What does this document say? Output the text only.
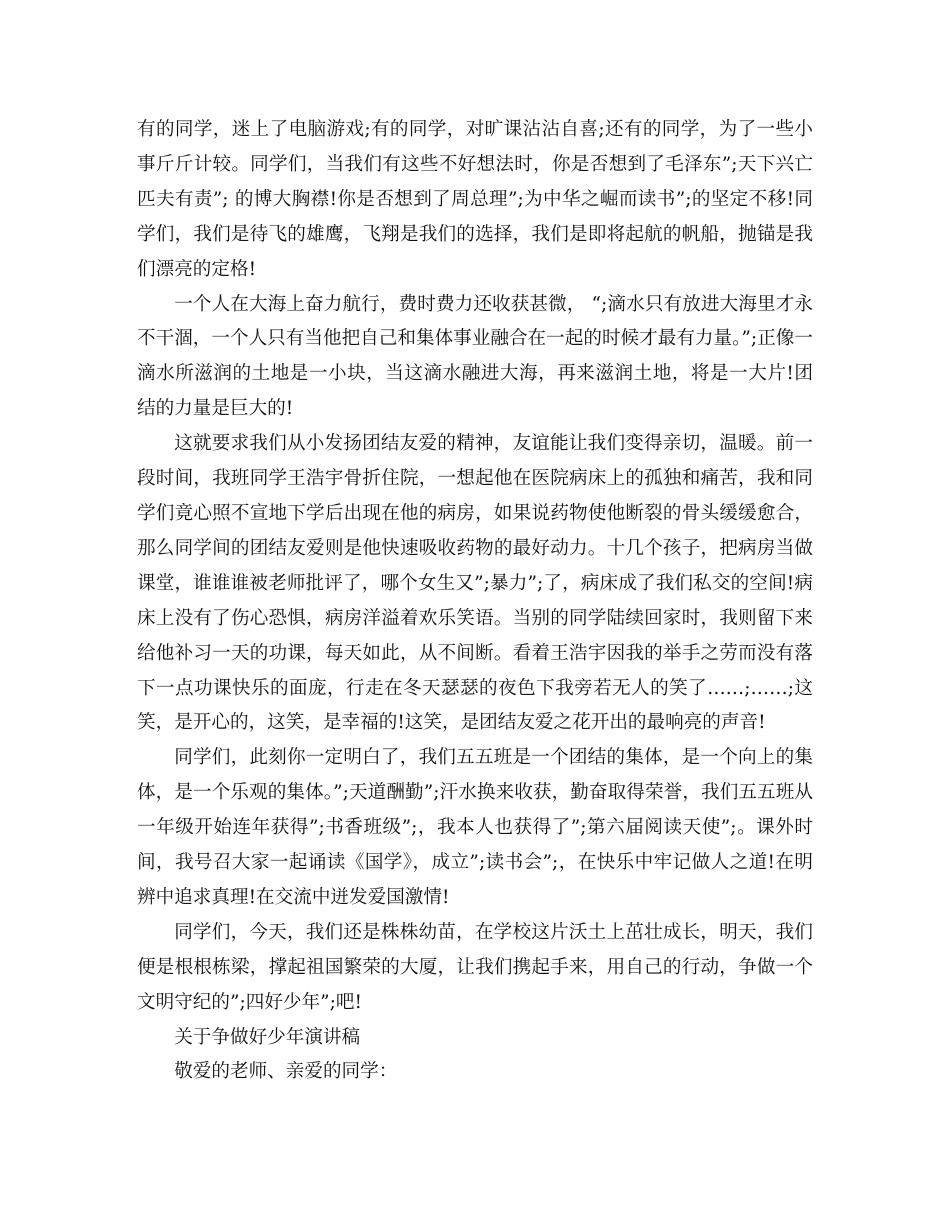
有的同学，迷上了电脑游戏;有的同学，对旷课沾沾自喜;还有的同学，为了一些小事斤斤计较。同学们，当我们有这些不好想法时，你是否想到了毛泽东”;天下兴亡匹夫有责”; 的博大胸襟!你是否想到了周总理”;为中华之崛而读书”;的坚定不移!同学们，我们是待飞的雄鹰，飞翔是我们的选择，我们是即将起航的帆船，抛锚是我们漂亮的定格!

一个人在大海上奋力航行，费时费力还收获甚微， “;滴水只有放进大海里才永不干涸，一个人只有当他把自己和集体事业融合在一起的时候才最有力量。”;正像一滴水所滋润的土地是一小块，当这滴水融进大海，再来滋润土地，将是一大片!团结的力量是巨大的!

这就要求我们从小发扬团结友爱的精神，友谊能让我们变得亲切，温暖。前一段时间，我班同学王浩宇骨折住院，一想起他在医院病床上的孤独和痛苦，我和同学们竟心照不宣地下学后出现在他的病房，如果说药物使他断裂的骨头缓缓愈合，那么同学间的团结友爱则是他快速吸收药物的最好动力。十几个孩子，把病房当做课堂，谁谁谁被老师批评了，哪个女生又”;暴力”;了，病床成了我们私交的空间!病床上没有了伤心恐惧，病房洋溢着欢乐笑语。当别的同学陆续回家时，我则留下来给他补习一天的功课，每天如此，从不间断。看着王浩宇因我的举手之劳而没有落下一点功课快乐的面庞，行走在冬天瑟瑟的夜色下我旁若无人的笑了……;……;这笑，是开心的，这笑，是幸福的!这笑，是团结友爱之花开出的最响亮的声音!

同学们，此刻你一定明白了，我们五五班是一个团结的集体，是一个向上的集体，是一个乐观的集体。”;天道酬勤”;汗水换来收获，勤奋取得荣誉，我们五五班从一年级开始连年获得”;书香班级”;，我本人也获得了”;第六届阅读天使”;。课外时间，我号召大家一起诵读《国学》，成立”;读书会”;，在快乐中牢记做人之道!在明辨中追求真理!在交流中迸发爱国激情!

同学们，今天，我们还是株株幼苗，在学校这片沃土上茁壮成长，明天，我们便是根根栋梁，撑起祖国繁荣的大厦，让我们携起手来，用自己的行动，争做一个文明守纪的”;四好少年”;吧!

关于争做好少年演讲稿

敬爱的老师、亲爱的同学：
